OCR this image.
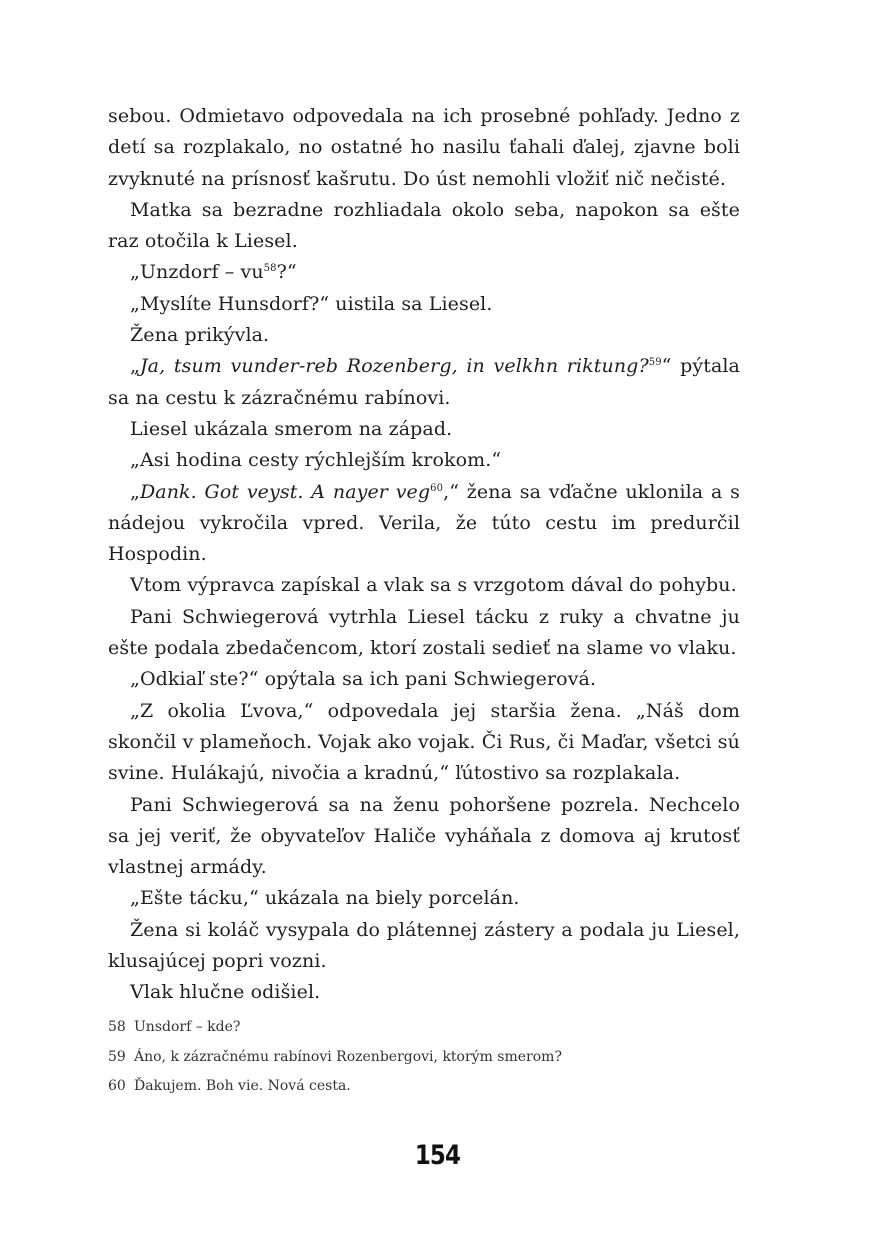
sebou. Odmietavo odpovedala na ich prosebné pohľady. Jedno z detí sa rozplakalo, no ostatné ho nasilu ťahali ďalej, zjavne boli zvyknuté na prísnosť kašrutu. Do úst nemohli vložiť nič nečisté.

Matka sa bezradne rozhliadala okolo seba, napokon sa ešte raz otočila k Liesel.

„Unzdorf – $vu^{58}?“$

„Myslíte Hunsdorf?“ uistila sa Liesel.

Žena prikývla.

„Ja, tsum vunder-reb Rozenberg, in velkhn riktung?$^{59}$“ pýtala sa na cestu k zázračnému rabínovi.

Liesel ukázala smerom na západ.

„Asi hodina cesty rýchlejším krokom.“

„Dank. Got veyst. A nayer veg$^{60}$,“ žena sa vďačne uklonila a s nádejou vykročila vpred. Verila, že túto cestu im predurčil Hospodin.

Vtom výpravca zapískal a vlak sa s vrzgotom dával do pohybu.

Pani Schwiegerová vytrhla Liesel tácku z ruky a chvatne ju ešte podala zbedačencom, ktorí zostali sedieť na slame vo vlaku.

„Odkiaľ ste?“ opýtala sa ich pani Schwiegerová.

„Z okolia Ľvova,“ odpovedala jej staršia žena. „Náš dom skončil v plameňoch. Vojak ako vojak. Či Rus, či Maďar, všetci sú svine. Hulákajú, nivočia a kradnú,“ ľútostivo sa rozplakala.

Pani Schwiegerová sa na ženu pohoršene pozrela. Nechcelo sa jej veriť, že obyvateľov Haliče vyháňala z domova aj krutosť vlastnej armády.

„Ešte tácku,“ ukázala na biely porcelán.

Žena si koláč vysypala do plátennej zástery a podala ju Liesel, klusajúcej popri vozni.

Vlak hlučne odišiel.

58 Unsdorf – kde?
59 Áno, k zázračnému rabínovi Rozenbergovi, ktorým smerom?
60 Ďakujem. Boh vie. Nová cesta.
154
